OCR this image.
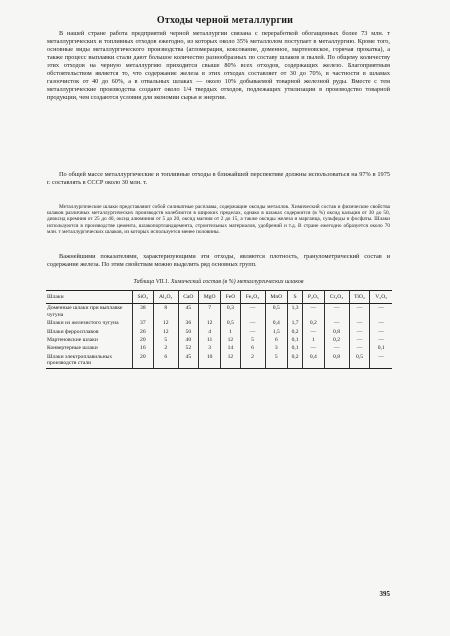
Отходы черной металлургии

В нашей стране работа предприятий черной металлургии связана с переработкой обогащенных более 73 млн. т металлургических и топливных отходов ежегодно, из которых около 35% металлолом поступает в металлургию. Кроме того, основные виды металлургического производства (агломерация, коксование, доменное, мартеновское, горячая прокатка), а также процесс выплавки стали дают большое количество разнообразных по составу шлаков и пылей. По общему количеству этих отходов на черную металлургию приходится свыше 80% всех отходов, содержащих железо. Благоприятным обстоятельством является то, что содержание железа в этих отходах составляет от 30 до 70%, в частности в шламах газоочисток от 40 до 60%, а в отвальных шлаках — около 10% добываемой товарной железной руды. Вместе с тем металлургические производства создают около 1/4 твердых отходов, подлежащих утилизации в производство товарной продукции, чем создаются условия для экономии сырья и энергии.

По общей массе металлургические и топливные отходы в ближайшей перспективе должны использоваться на 97% в 1975 г. составлять в СССР около 30 млн. т.

Металлургические шлаки представляют собой силикатные расплавы, содержащие оксиды металлов. Химический состав и физические свойства шлаков различных металлургических производств колеблются в широких пределах, однако в шлаках содержится (в %) оксид кальция от 30 до 50, диоксид кремния от 25 до 40, оксид алюминия от 5 до 20, оксид магния от 2 до 15, а также оксиды железа и марганца, сульфиды и фосфаты. Шлаки используются в производстве цемента, шлакопортландцемента, строительных материалов, удобрений и т.д. В стране ежегодно образуется около 70 млн. т металлургических шлаков, из которых используется менее половины.

Важнейшими показателями, характеризующими эти отходы, являются плотность, гранулометрический состав и содержание железа. По этим свойствам можно выделить ряд основных групп.

Таблица VII.1. Химический состав (в %) металлургических шлаков
Шлаки	SiO₂	Al₂O₃	CaO	MgO	FeO	Fe₂O₃	MnO	S	P₂O₅	Cr₂O₃	TiO₂	V₂O₅
Доменные шлаки при выплавке чугуна	38	8	45	7	0,3	—	0,5	1,3	—	—	—	—
Шлаки из железистого чугуна	37	12	36	12	0,5	—	0,4	1,7	0,2	—	—	—
Шлаки ферросплавов	26	12	50	4	1	—	1,5	0,2	—	0,8	—	—
Мартеновские шлаки	20	5	40	11	12	5	6	0,1	1	0,2	—	—
Конвертерные шлаки	16	2	52	3	14	6	3	0,1	—	—	—	0,1
Шлаки электроплавильных производств стали	20	6	45	10	12	2	5	0,2	0,4	0,8	0,5	—
395
